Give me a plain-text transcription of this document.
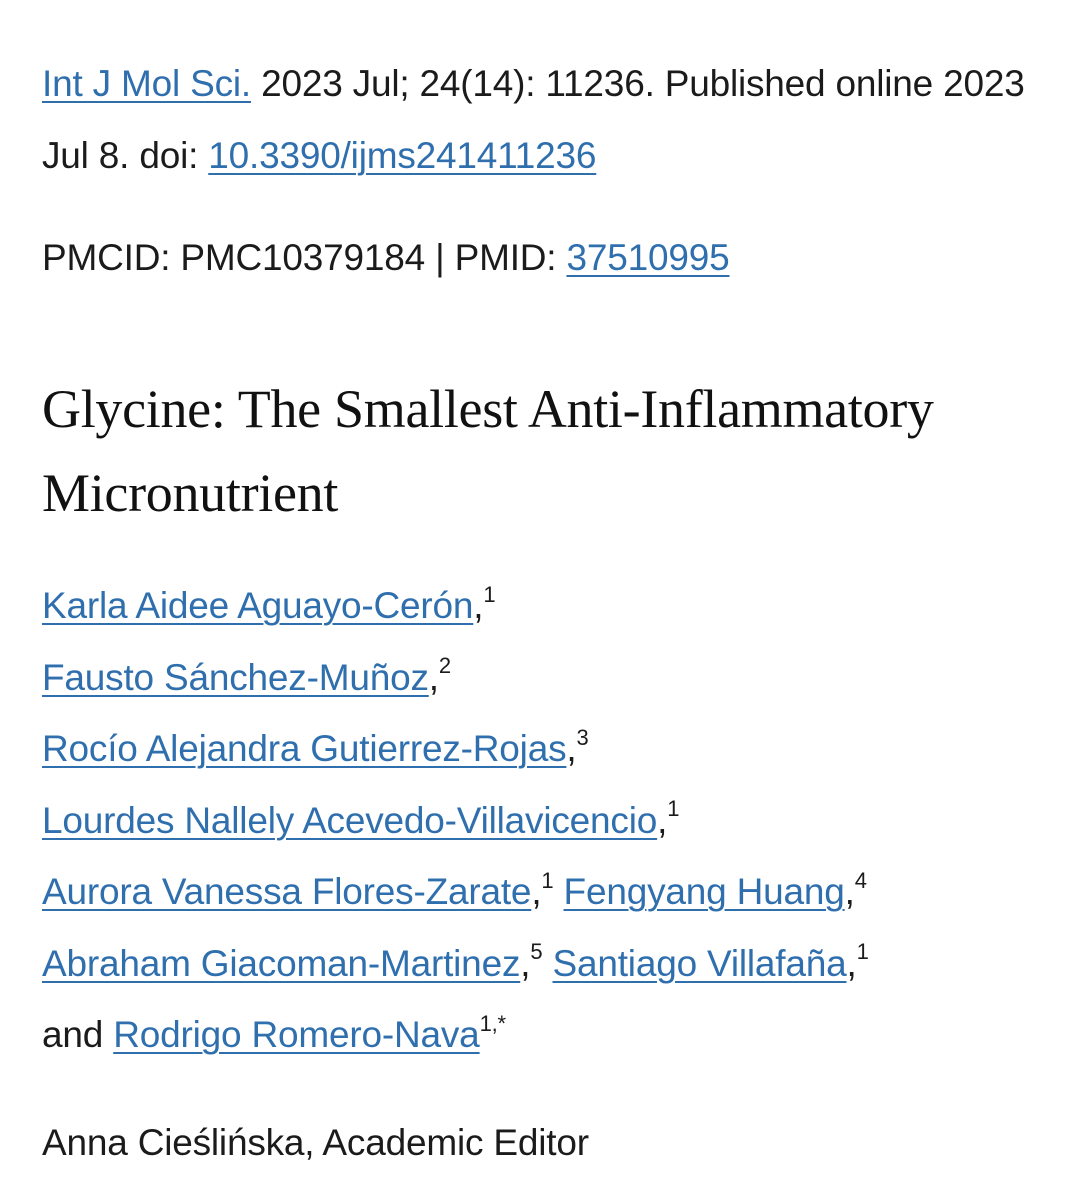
Int J Mol Sci. 2023 Jul; 24(14): 11236. Published online 2023 Jul 8. doi: 10.3390/ijms241411236
PMCID: PMC10379184 | PMID: 37510995
Glycine: The Smallest Anti-Inflammatory Micronutrient
Karla Aidee Aguayo-Cerón,$^1$
Fausto Sánchez-Muñoz,$^2$
Rocío Alejandra Gutierrez-Rojas,$^3$
Lourdes Nallely Acevedo-Villavicencio,$^1$
Aurora Vanessa Flores-Zarate,$^1$ Fengyang Huang,$^4$
Abraham Giacoman-Martinez,$^5$ Santiago Villafaña,$^1$
and Rodrigo Romero-Nava$^{1,*}$
Anna Cieślińska, Academic Editor
